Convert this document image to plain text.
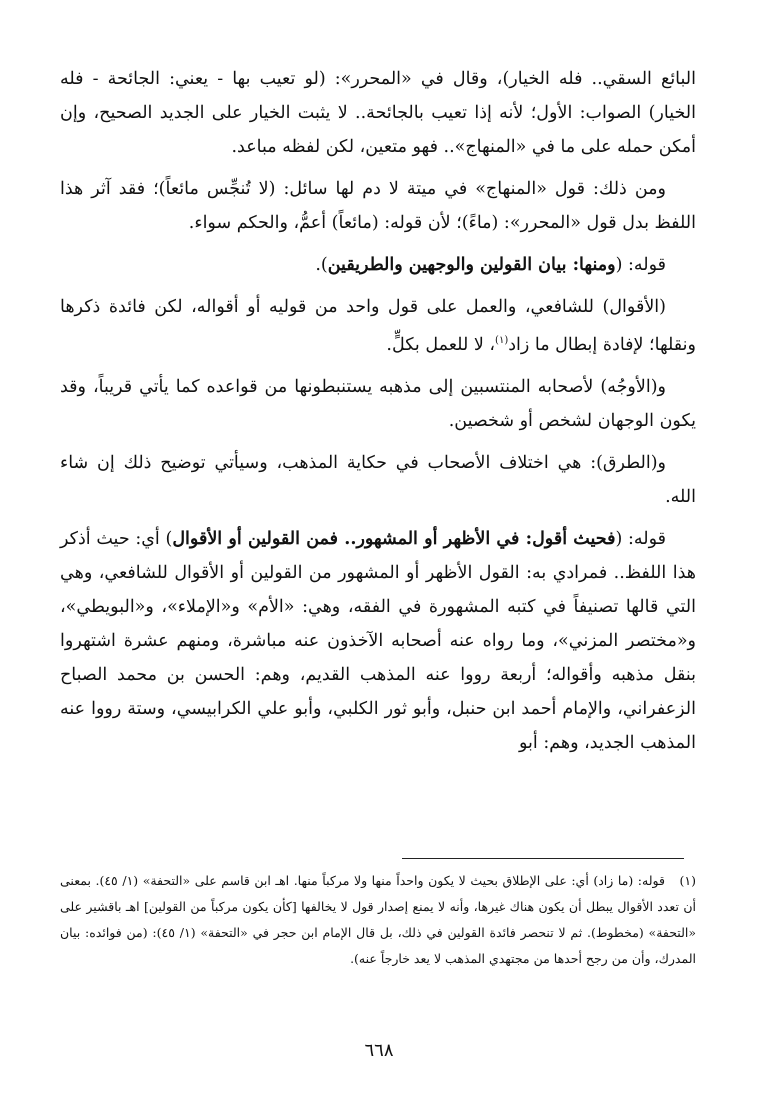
البائع السقي.. فله الخيار)، وقال في «المحرر»: (لو تعيب بها - يعني: الجائحة - فله الخيار) الصواب: الأول؛ لأنه إذا تعيب بالجائحة.. لا يثبت الخيار على الجديد الصحيح، وإن أمكن حمله على ما في «المنهاج».. فهو متعين، لكن لفظه مباعد.

ومن ذلك: قول «المنهاج» في ميتة لا دم لها سائل: (لا تُنجِّس مائعاً)؛ فقد آثر هذا اللفظ بدل قول «المحرر»: (ماءً)؛ لأن قوله: (مائعاً) أعمُّ، والحكم سواء.

قوله: (ومنها: بيان القولين والوجهين والطريقين).

(الأقوال) للشافعي، والعمل على قول واحد من قوليه أو أقواله، لكن فائدة ذكرها ونقلها؛ لإفادة إبطال ما زاد$^{(١)}$، لا للعمل بكلٍّ.

و(الأوجُه) لأصحابه المنتسبين إلى مذهبه يستنبطونها من قواعده كما يأتي قريباً، وقد يكون الوجهان لشخص أو شخصين.

و(الطرق): هي اختلاف الأصحاب في حكاية المذهب، وسيأتي توضيح ذلك إن شاء الله.

قوله: (فحيث أقول: في الأظهر أو المشهور.. فمن القولين أو الأقوال) أي: حيث أذكر هذا اللفظ.. فمرادي به: القول الأظهر أو المشهور من القولين أو الأقوال للشافعي، وهي التي قالها تصنيفاً في كتبه المشهورة في الفقه، وهي: «الأم» و«الإملاء»، و«البويطي»، و«مختصر المزني»، وما رواه عنه أصحابه الآخذون عنه مباشرة، ومنهم عشرة اشتهروا بنقل مذهبه وأقواله؛ أربعة رووا عنه المذهب القديم، وهم: الحسن بن محمد الصباح الزعفراني، والإمام أحمد ابن حنبل، وأبو ثور الكلبي، وأبو علي الكرابيسي، وستة رووا عنه المذهب الجديد، وهم: أبو

(١) قوله: (ما زاد) أي: على الإطلاق بحيث لا يكون واحداً منها ولا مركباً منها. اهـ ابن قاسم على «التحفة» (١/ ٤٥). بمعنى أن تعدد الأقوال يبطل أن يكون هناك غيرها، وأنه لا يمنع إصدار قول لا يخالفها [كأن يكون مركباً من القولين] اهـ باقشير على «التحفة» (مخطوط). ثم لا تنحصر فائدة القولين في ذلك، بل قال الإمام ابن حجر في «التحفة» (١/ ٤٥): (من فوائده: بيان المدرك، وأن من رجح أحدها من مجتهدي المذهب لا يعد خارجاً عنه).
٦٦٨
